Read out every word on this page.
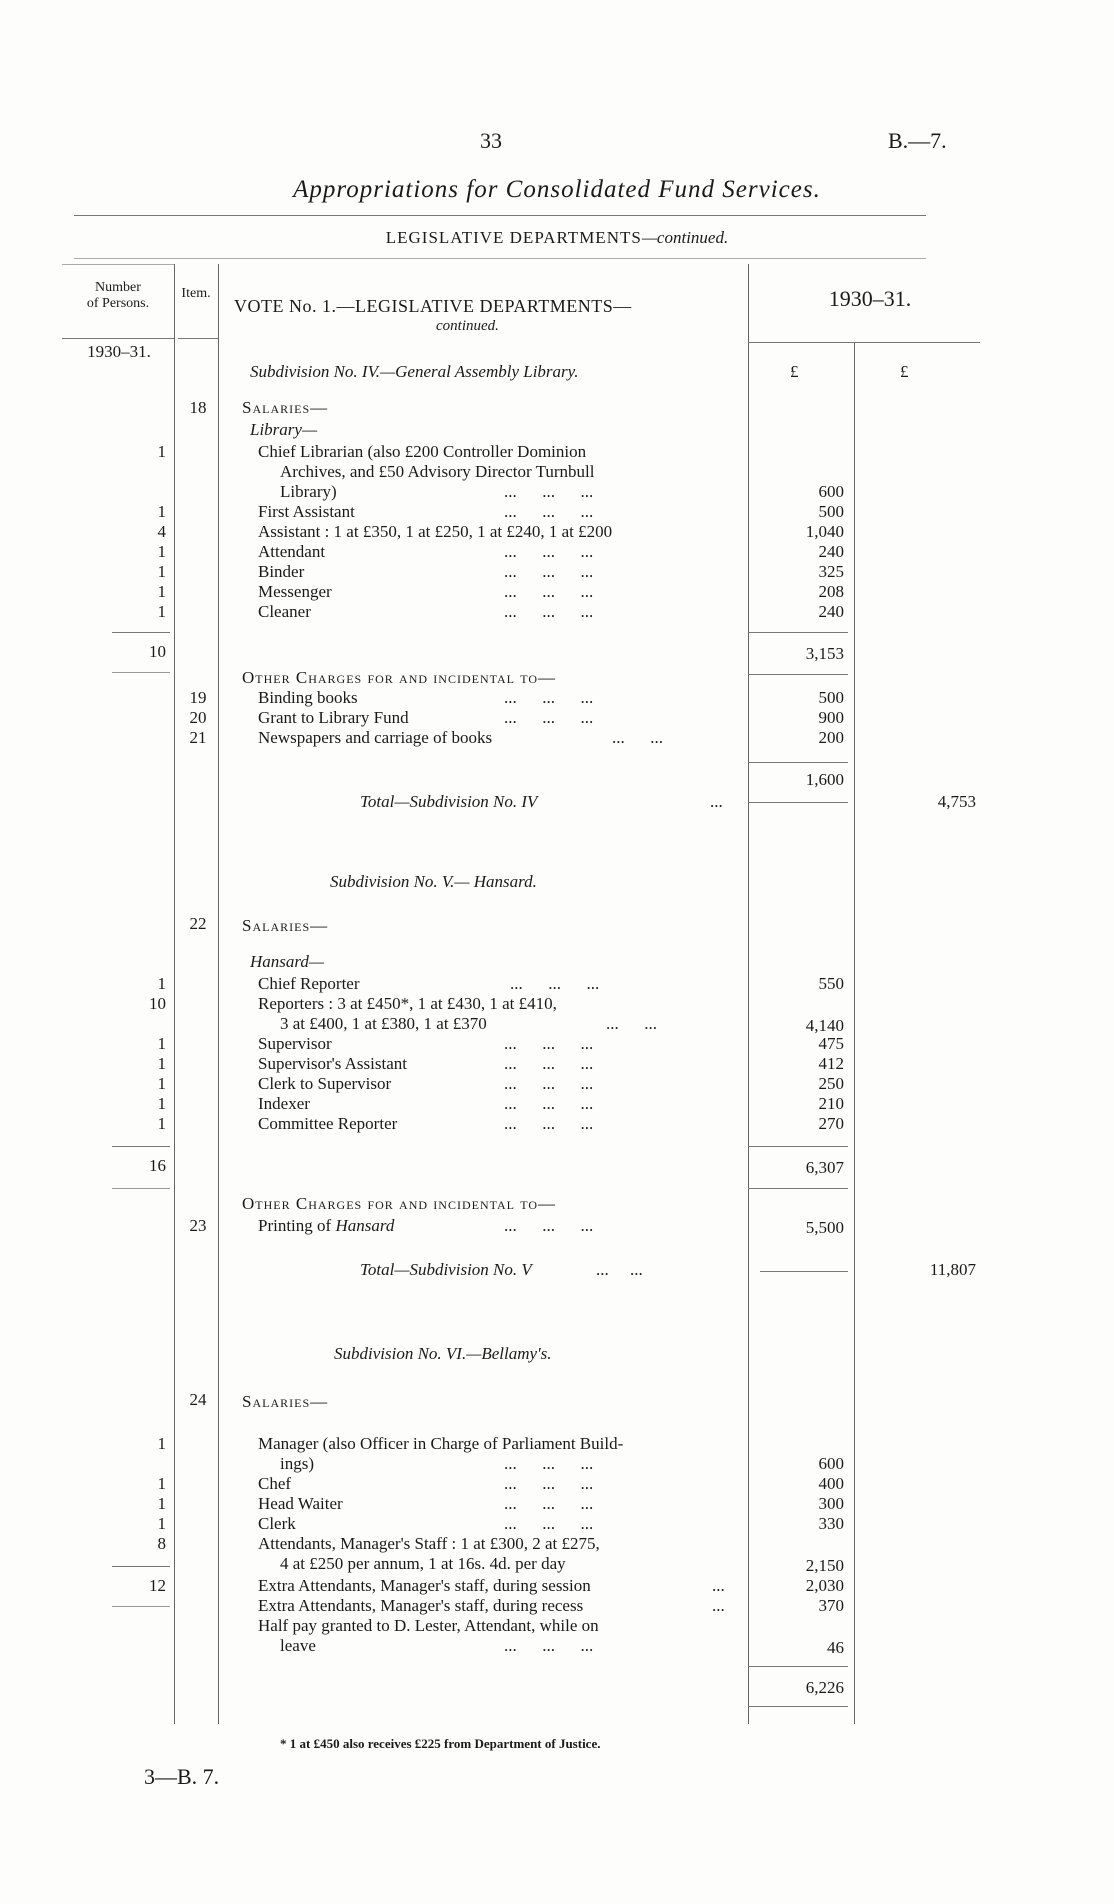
33	B.—7.
Appropriations for Consolidated Fund Services.
LEGISLATIVE DEPARTMENTS—continued.
Number
of Persons.
Item.
VOTE No. 1.—LEGISLATIVE DEPARTMENTS—
continued.
1930–31.
1930–31.
£	£
Subdivision No. IV.—General Assembly Library.
18	Salaries—
Library—
1	Chief Librarian (also £200 Controller Dominion
Archives, and £50 Advisory Director Turnbull
Library)	...      ...      ...	600
1	First Assistant	...      ...      ...	500
4	Assistant : 1 at £350, 1 at £250, 1 at £240, 1 at £200	1,040
1	Attendant	...      ...      ...	240
1	Binder	...      ...      ...	325
1	Messenger	...      ...      ...	208
1	Cleaner	...      ...      ...	240
10	3,153
Other Charges for and incidental to—
19	Binding books	...      ...      ...	500
20	Grant to Library Fund	...      ...      ...	900
21	Newspapers and carriage of books	...      ...	200
1,600
Total—Subdivision No. IV	...	4,753
Subdivision No. V.— Hansard.
22	Salaries—
Hansard—
1	Chief Reporter	...      ...      ...	550
10	Reporters : 3 at £450*, 1 at £430, 1 at £410,
3 at £400, 1 at £380, 1 at £370	...      ...	4,140
1	Supervisor	...      ...      ...	475
1	Supervisor's Assistant	...      ...      ...	412
1	Clerk to Supervisor	...      ...      ...	250
1	Indexer	...      ...      ...	210
1	Committee Reporter	...      ...      ...	270
16	6,307
Other Charges for and incidental to—
23	Printing of Hansard	...      ...      ...	5,500
Total—Subdivision No. V	...     ...	11,807
Subdivision No. VI.—Bellamy's.
24	Salaries—
1	Manager (also Officer in Charge of Parliament Build-
ings)	...      ...      ...	600
1	Chef	...      ...      ...	400
1	Head Waiter	...      ...      ...	300
1	Clerk	...      ...      ...	330
8	Attendants, Manager's Staff : 1 at £300, 2 at £275,
4 at £250 per annum, 1 at 16s. 4d. per day	2,150
12	Extra Attendants, Manager's staff, during session	...	2,030
Extra Attendants, Manager's staff, during recess	...	370
Half pay granted to D. Lester, Attendant, while on
leave	...      ...      ...	46
6,226
* 1 at £450 also receives £225 from Department of Justice.
3—B. 7.
